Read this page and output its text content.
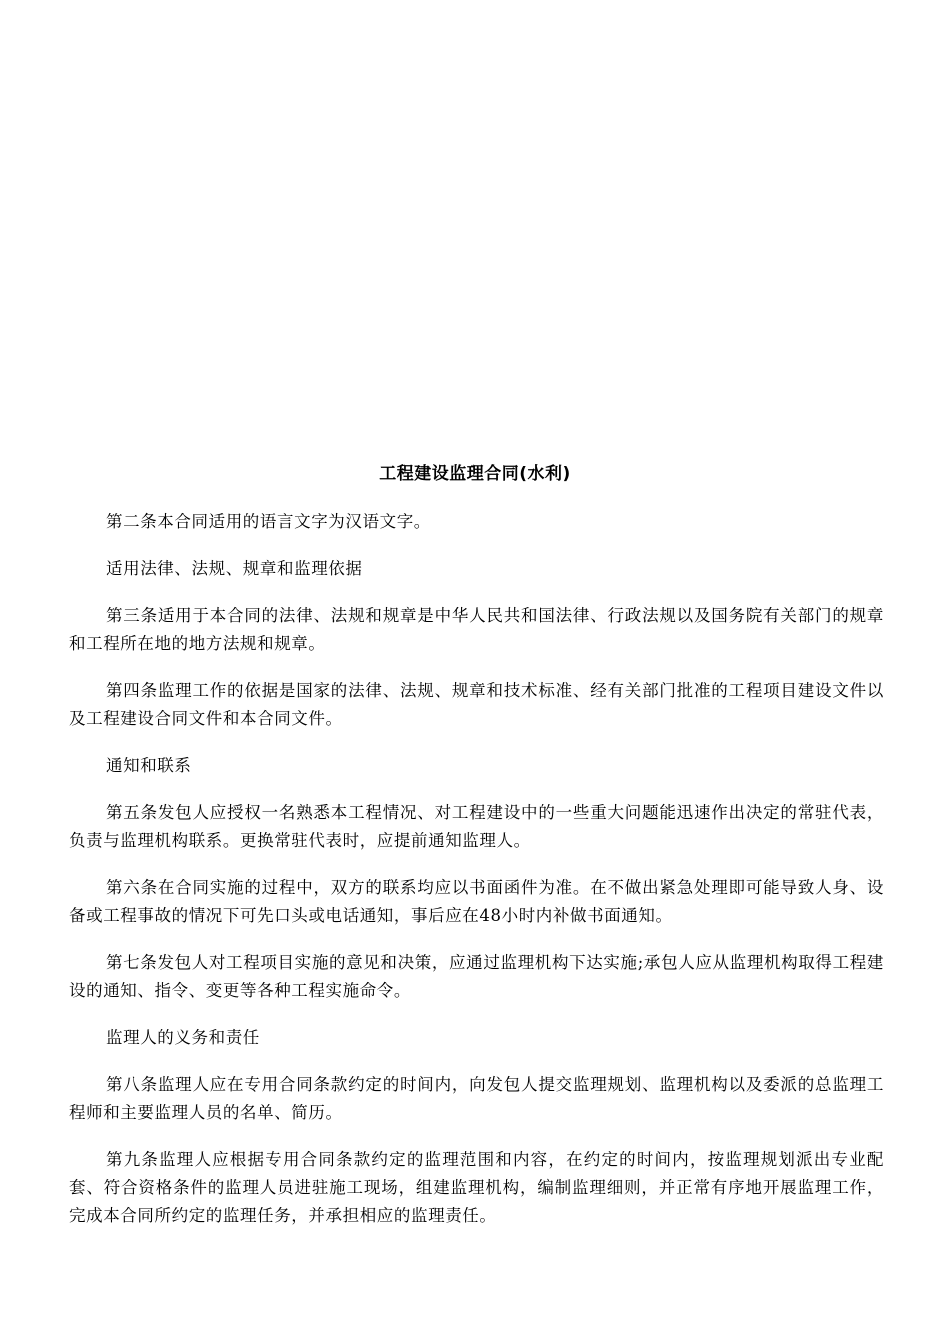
工程建设监理合同(水利)

第二条本合同适用的语言文字为汉语文字。

适用法律、法规、规章和监理依据

第三条适用于本合同的法律、法规和规章是中华人民共和国法律、行政法规以及国务院有关部门的规章和工程所在地的地方法规和规章。

第四条监理工作的依据是国家的法律、法规、规章和技术标准、经有关部门批准的工程项目建设文件以及工程建设合同文件和本合同文件。

通知和联系

第五条发包人应授权一名熟悉本工程情况、对工程建设中的一些重大问题能迅速作出决定的常驻代表，负责与监理机构联系。更换常驻代表时，应提前通知监理人。

第六条在合同实施的过程中，双方的联系均应以书面函件为准。在不做出紧急处理即可能导致人身、设备或工程事故的情况下可先口头或电话通知，事后应在48小时内补做书面通知。

第七条发包人对工程项目实施的意见和决策，应通过监理机构下达实施;承包人应从监理机构取得工程建设的通知、指令、变更等各种工程实施命令。

监理人的义务和责任

第八条监理人应在专用合同条款约定的时间内，向发包人提交监理规划、监理机构以及委派的总监理工程师和主要监理人员的名单、简历。

第九条监理人应根据专用合同条款约定的监理范围和内容，在约定的时间内，按监理规划派出专业配套、符合资格条件的监理人员进驻施工现场，组建监理机构，编制监理细则，并正常有序地开展监理工作，完成本合同所约定的监理任务，并承担相应的监理责任。
